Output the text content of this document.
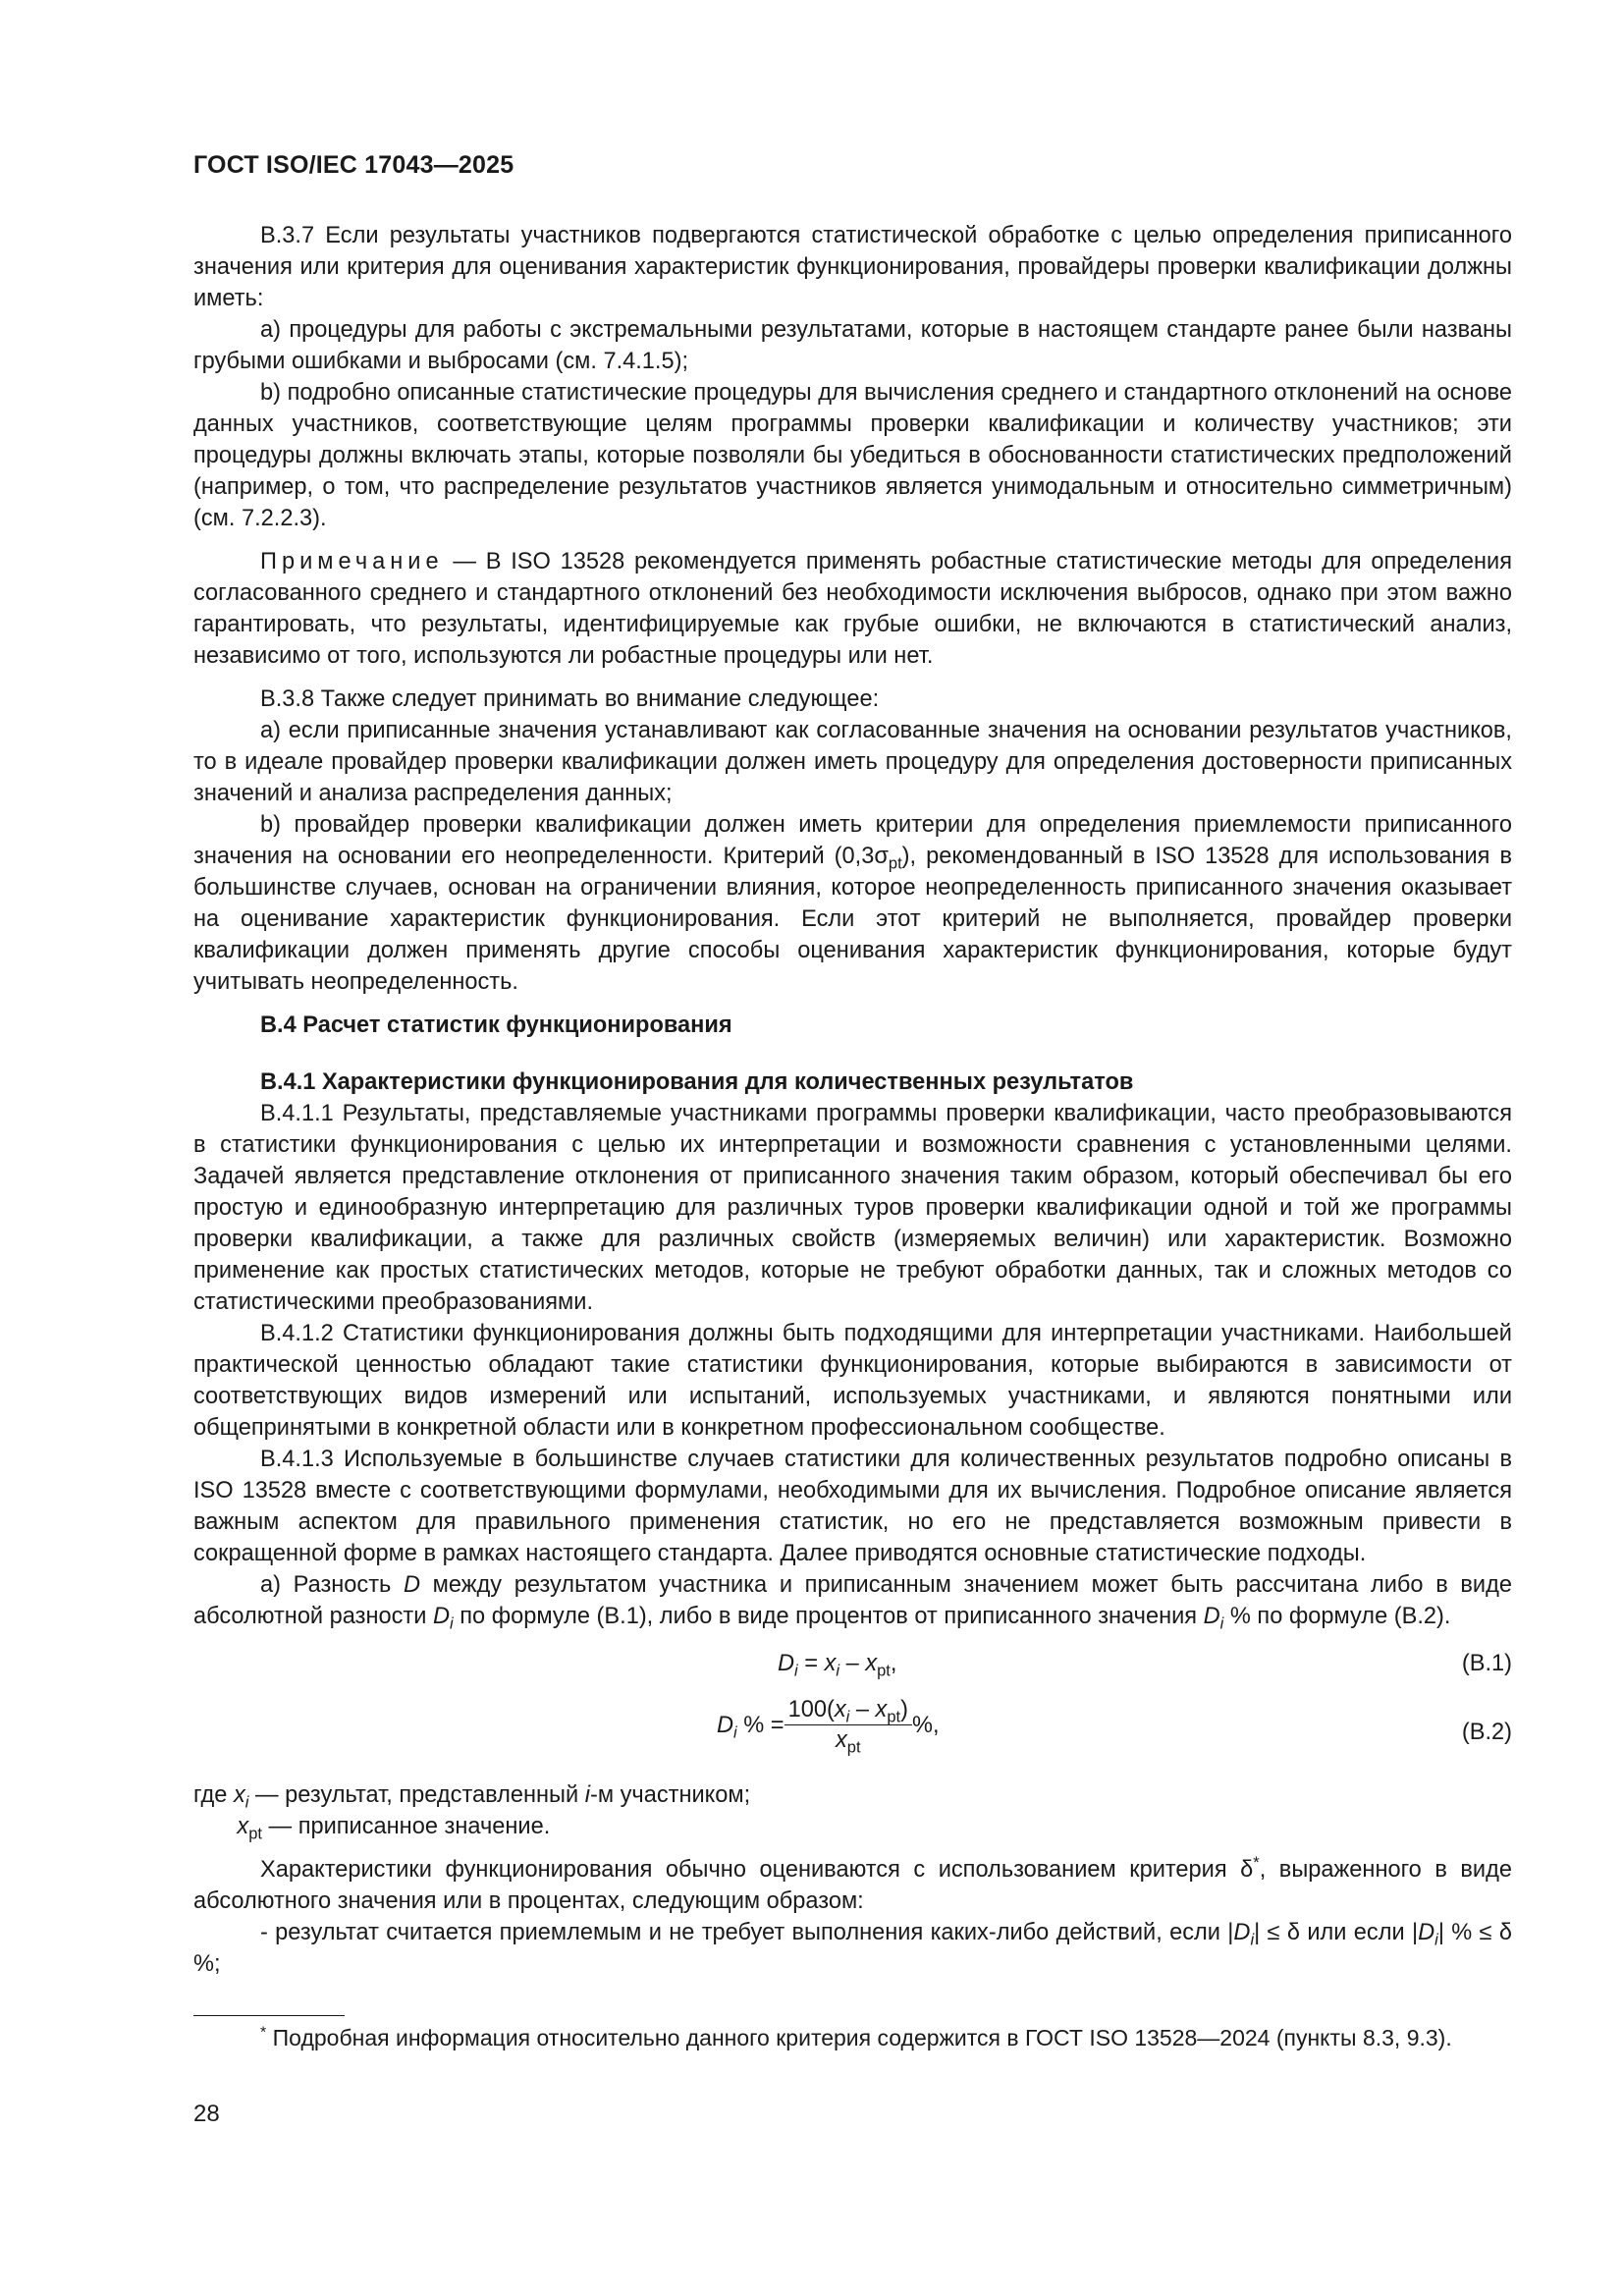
ГОСТ ISO/IEC 17043—2025

B.3.7 Если результаты участников подвергаются статистической обработке с целью определения приписанного значения или критерия для оценивания характеристик функционирования, провайдеры проверки квалификации должны иметь:

a) процедуры для работы с экстремальными результатами, которые в настоящем стандарте ранее были названы грубыми ошибками и выбросами (см. 7.4.1.5);

b) подробно описанные статистические процедуры для вычисления среднего и стандартного отклонений на основе данных участников, соответствующие целям программы проверки квалификации и количеству участников; эти процедуры должны включать этапы, которые позволяли бы убедиться в обоснованности статистических предположений (например, о том, что распределение результатов участников является унимодальным и относительно симметричным) (см. 7.2.2.3).

Примечание — В ISO 13528 рекомендуется применять робастные статистические методы для определения согласованного среднего и стандартного отклонений без необходимости исключения выбросов, однако при этом важно гарантировать, что результаты, идентифицируемые как грубые ошибки, не включаются в статистический анализ, независимо от того, используются ли робастные процедуры или нет.

B.3.8 Также следует принимать во внимание следующее:

a) если приписанные значения устанавливают как согласованные значения на основании результатов участников, то в идеале провайдер проверки квалификации должен иметь процедуру для определения достоверности приписанных значений и анализа распределения данных;

b) провайдер проверки квалификации должен иметь критерии для определения приемлемости приписанного значения на основании его неопределенности. Критерий $(0,3\sigma_{pt})$, рекомендованный в ISO 13528 для использования в большинстве случаев, основан на ограничении влияния, которое неопределенность приписанного значения оказывает на оценивание характеристик функционирования. Если этот критерий не выполняется, провайдер проверки квалификации должен применять другие способы оценивания характеристик функционирования, которые будут учитывать неопределенность.

B.4 Расчет статистик функционирования

B.4.1 Характеристики функционирования для количественных результатов

B.4.1.1 Результаты, представляемые участниками программы проверки квалификации, часто преобразовываются в статистики функционирования с целью их интерпретации и возможности сравнения с установленными целями. Задачей является представление отклонения от приписанного значения таким образом, который обеспечивал бы его простую и единообразную интерпретацию для различных туров проверки квалификации одной и той же программы проверки квалификации, а также для различных свойств (измеряемых величин) или характеристик. Возможно применение как простых статистических методов, которые не требуют обработки данных, так и сложных методов со статистическими преобразованиями.

B.4.1.2 Статистики функционирования должны быть подходящими для интерпретации участниками. Наибольшей практической ценностью обладают такие статистики функционирования, которые выбираются в зависимости от соответствующих видов измерений или испытаний, используемых участниками, и являются понятными или общепринятыми в конкретной области или в конкретном профессиональном сообществе.

B.4.1.3 Используемые в большинстве случаев статистики для количественных результатов подробно описаны в ISO 13528 вместе с соответствующими формулами, необходимыми для их вычисления. Подробное описание является важным аспектом для правильного применения статистик, но его не представляется возможным привести в сокращенной форме в рамках настоящего стандарта. Далее приводятся основные статистические подходы.

a) Разность D между результатом участника и приписанным значением может быть рассчитана либо в виде абсолютной разности $D_i$ по формуле (B.1), либо в виде процентов от приписанного значения $D_i$ % по формуле (B.2).

$D_i = x_i - x_{pt}$,	(B.1)
$D_i$ % = $\frac{100(x_i - x_{pt})}{x_{pt}}$ %,	(B.2)

где $x_i$ — результат, представленный i-м участником;
$x_{pt}$ — приписанное значение.

Характеристики функционирования обычно оцениваются с использованием критерия δ*, выраженного в виде абсолютного значения или в процентах, следующим образом:

- результат считается приемлемым и не требует выполнения каких-либо действий, если $|D_i| \le \delta$ или если $|D_i|$ % ≤ δ %;

* Подробная информация относительно данного критерия содержится в ГОСТ ISO 13528—2024 (пункты 8.3, 9.3).

28
